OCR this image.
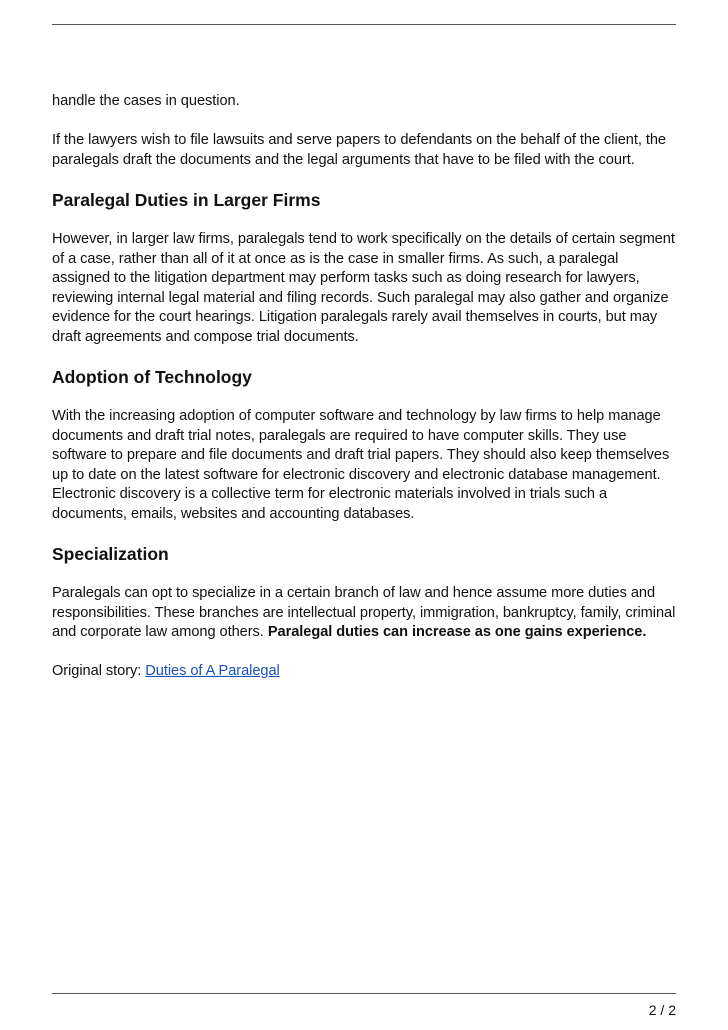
handle the cases in question.

If the lawyers wish to file lawsuits and serve papers to defendants on the behalf of the client, the paralegals draft the documents and the legal arguments that have to be filed with the court.

Paralegal Duties in Larger Firms

However, in larger law firms, paralegals tend to work specifically on the details of certain segment of a case, rather than all of it at once as is the case in smaller firms. As such, a paralegal assigned to the litigation department may perform tasks such as doing research for lawyers, reviewing internal legal material and filing records. Such paralegal may also gather and organize evidence for the court hearings. Litigation paralegals rarely avail themselves in courts, but may draft agreements and compose trial documents.

Adoption of Technology

With the increasing adoption of computer software and technology by law firms to help manage documents and draft trial notes, paralegals are required to have computer skills. They use software to prepare and file documents and draft trial papers. They should also keep themselves up to date on the latest software for electronic discovery and electronic database management. Electronic discovery is a collective term for electronic materials involved in trials such a documents, emails, websites and accounting databases.

Specialization

Paralegals can opt to specialize in a certain branch of law and hence assume more duties and responsibilities. These branches are intellectual property, immigration, bankruptcy, family, criminal and corporate law among others. Paralegal duties can increase as one gains experience.

Original story: Duties of A Paralegal

2 / 2
